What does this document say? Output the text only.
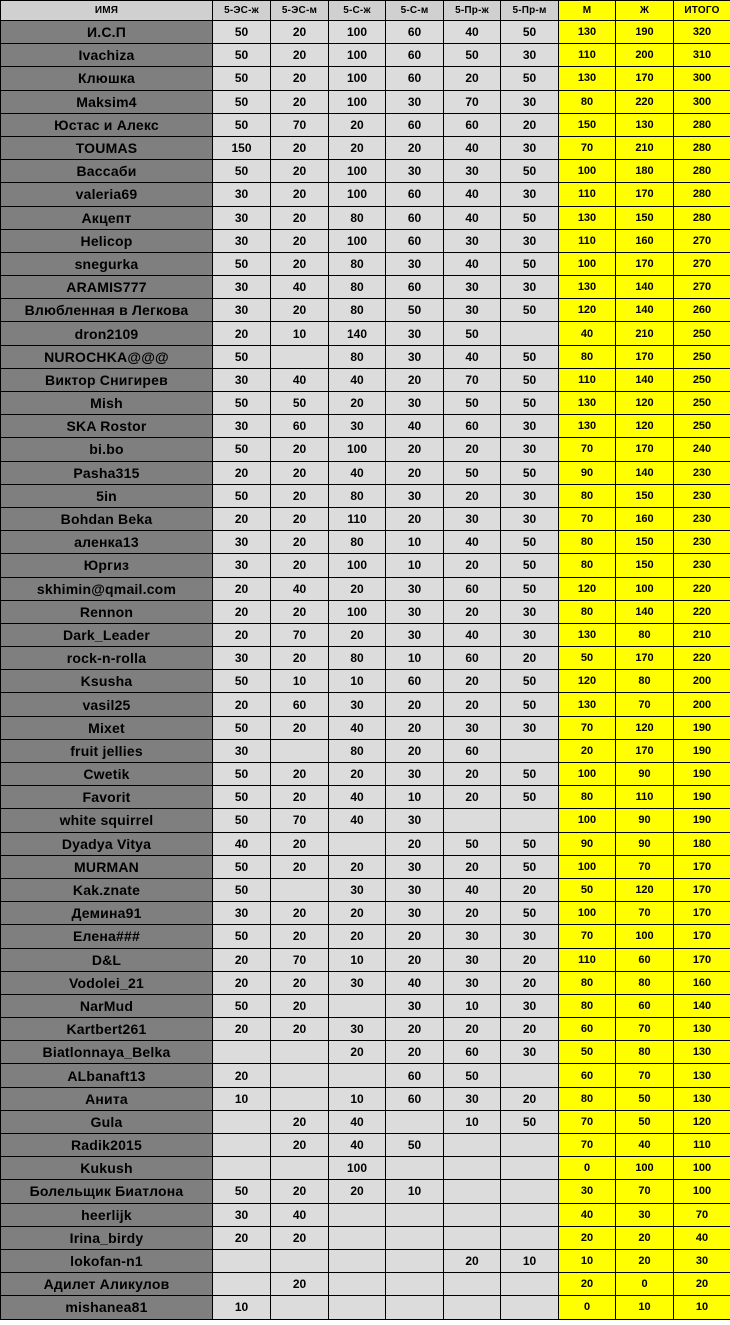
ИМЯ	5-ЭС-ж	5-ЭС-м	5-С-ж	5-С-м	5-Пр-ж	5-Пр-м	М	Ж	ИТОГО
И.С.П	50	20	100	60	40	50	130	190	320
Ivachiza	50	20	100	60	50	30	110	200	310
Клюшка	50	20	100	60	20	50	130	170	300
Maksim4	50	20	100	30	70	30	80	220	300
Юстас и Алекс	50	70	20	60	60	20	150	130	280
TOUMAS	150	20	20	20	40	30	70	210	280
Вассаби	50	20	100	30	30	50	100	180	280
valeria69	30	20	100	60	40	30	110	170	280
Акцепт	30	20	80	60	40	50	130	150	280
Helicop	30	20	100	60	30	30	110	160	270
snegurka	50	20	80	30	40	50	100	170	270
ARAMIS777	30	40	80	60	30	30	130	140	270
Влюбленная в Легкова	30	20	80	50	30	50	120	140	260
dron2109	20	10	140	30	50		40	210	250
NUROCHKA@@@	50		80	30	40	50	80	170	250
Виктор Снигирев	30	40	40	20	70	50	110	140	250
Mish	50	50	20	30	50	50	130	120	250
SKA Rostor	30	60	30	40	60	30	130	120	250
bi.bo	50	20	100	20	20	30	70	170	240
Pasha315	20	20	40	20	50	50	90	140	230
5in	50	20	80	30	20	30	80	150	230
Bohdan Beka	20	20	110	20	30	30	70	160	230
аленка13	30	20	80	10	40	50	80	150	230
Юргиз	30	20	100	10	20	50	80	150	230
skhimin@qmail.com	20	40	20	30	60	50	120	100	220
Rennon	20	20	100	30	20	30	80	140	220
Dark_Leader	20	70	20	30	40	30	130	80	210
rock-n-rolla	30	20	80	10	60	20	50	170	220
Ksusha	50	10	10	60	20	50	120	80	200
vasil25	20	60	30	20	20	50	130	70	200
Mixet	50	20	40	20	30	30	70	120	190
fruit jellies	30		80	20	60		20	170	190
Cwetik	50	20	20	30	20	50	100	90	190
Favorit	50	20	40	10	20	50	80	110	190
white squirrel	50	70	40	30			100	90	190
Dyadya Vitya	40	20		20	50	50	90	90	180
MURMAN	50	20	20	30	20	50	100	70	170
Kak.znate	50		30	30	40	20	50	120	170
Демина91	30	20	20	30	20	50	100	70	170
Елена###	50	20	20	20	30	30	70	100	170
D&L	20	70	10	20	30	20	110	60	170
Vodolei_21	20	20	30	40	30	20	80	80	160
NarMud	50	20		30	10	30	80	60	140
Kartbert261	20	20	30	20	20	20	60	70	130
Biatlonnaya_Belka			20	20	60	30	50	80	130
ALbanaft13	20			60	50		60	70	130
Анита	10		10	60	30	20	80	50	130
Gula		20	40		10	50	70	50	120
Radik2015		20	40	50			70	40	110
Kukush			100				0	100	100
Болельщик Биатлона	50	20	20	10			30	70	100
heerlijk	30	40					40	30	70
Irina_birdy	20	20					20	20	40
lokofan-n1					20	10	10	20	30
Адилет Аликулов		20					20	0	20
mishanea81	10						0	10	10
